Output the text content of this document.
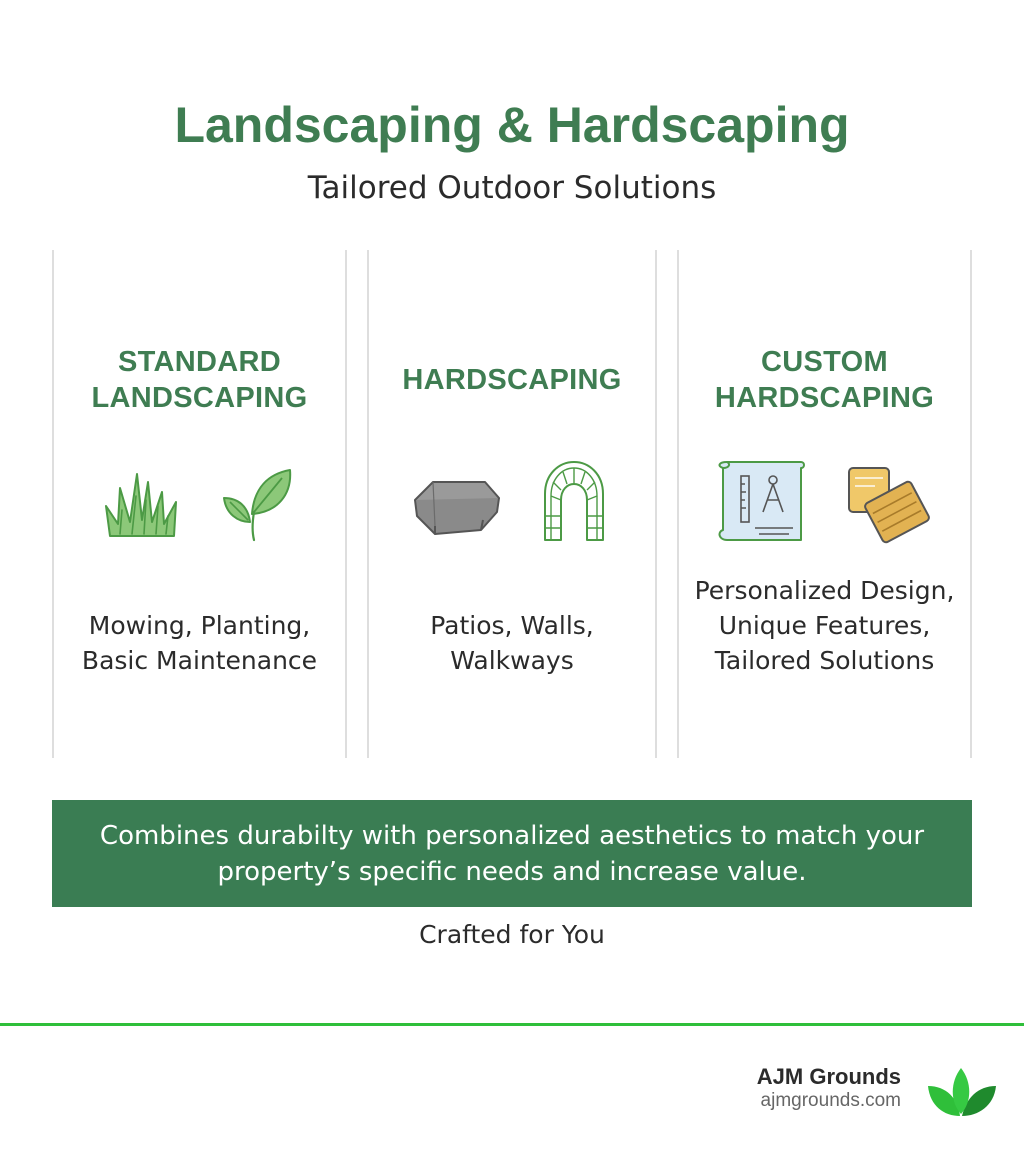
Landscaping & Hardscaping
Tailored Outdoor Solutions
STANDARD
LANDSCAPING
Mowing, Planting,
Basic Maintenance
HARDSCAPING
Patios, Walls,
Walkways
CUSTOM
HARDSCAPING
Personalized Design,
Unique Features,
Tailored Solutions
Combines durabilty with personalized aesthetics to match your
property’s specific needs and increase value.
Crafted for You
AJM Grounds
ajmgrounds.com
